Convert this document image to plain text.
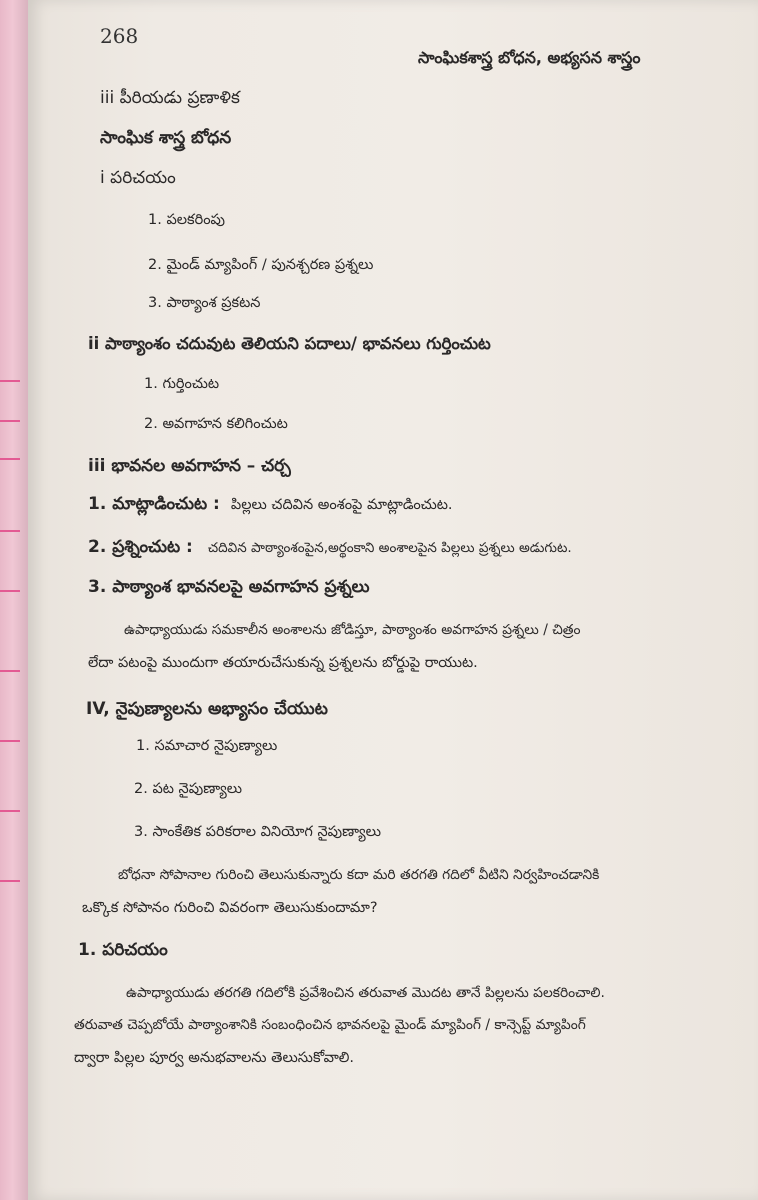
268

సాంఘికశాస్త్ర బోధన, అభ్యసన శాస్త్రం

iii పీరియడు ప్రణాళిక

సాంఘిక శాస్త్ర బోధన

i పరిచయం

1. పలకరింపు

2. మైండ్ మ్యాపింగ్ / పునశ్చరణ ప్రశ్నలు

3. పాఠ్యాంశ ప్రకటన

ii పాఠ్యాంశం చదువుట తెలియని పదాలు/ భావనలు గుర్తించుట

1. గుర్తించుట

2. అవగాహన కలిగించుట

iii భావనల అవగాహన – చర్చ

1. మాట్లాడించుట : పిల్లలు చదివిన అంశంపై మాట్లాడించుట.

2. ప్రశ్నించుట : చదివిన పాఠ్యాంశంపైన,అర్థంకాని అంశాలపైన పిల్లలు ప్రశ్నలు అడుగుట.

3. పాఠ్యాంశ భావనలపై అవగాహన ప్రశ్నలు

ఉపాధ్యాయుడు సమకాలీన అంశాలను జోడిస్తూ, పాఠ్యాంశం అవగాహన ప్రశ్నలు / చిత్రం

లేదా పటంపై ముందుగా తయారుచేసుకున్న ప్రశ్నలను బోర్డుపై రాయుట.

IV, నైపుణ్యాలను అభ్యాసం చేయుట

1. సమాచార నైపుణ్యాలు

2. పట నైపుణ్యాలు

3. సాంకేతిక పరికరాల వినియోగ నైపుణ్యాలు

బోధనా సోపానాల గురించి తెలుసుకున్నారు కదా మరి తరగతి గదిలో వీటిని నిర్వహించడానికి

ఒక్కొక సోపానం గురించి వివరంగా తెలుసుకుందామా?

1. పరిచయం

ఉపాధ్యాయుడు తరగతి గదిలోకి ప్రవేశించిన తరువాత మొదట తానే పిల్లలను పలకరించాలి.

తరువాత చెప్పబోయే పాఠ్యాంశానికి సంబంధించిన భావనలపై మైండ్ మ్యాపింగ్ / కాన్సెప్ట్ మ్యాపింగ్

ద్వారా పిల్లల పూర్వ అనుభవాలను తెలుసుకోవాలి.
